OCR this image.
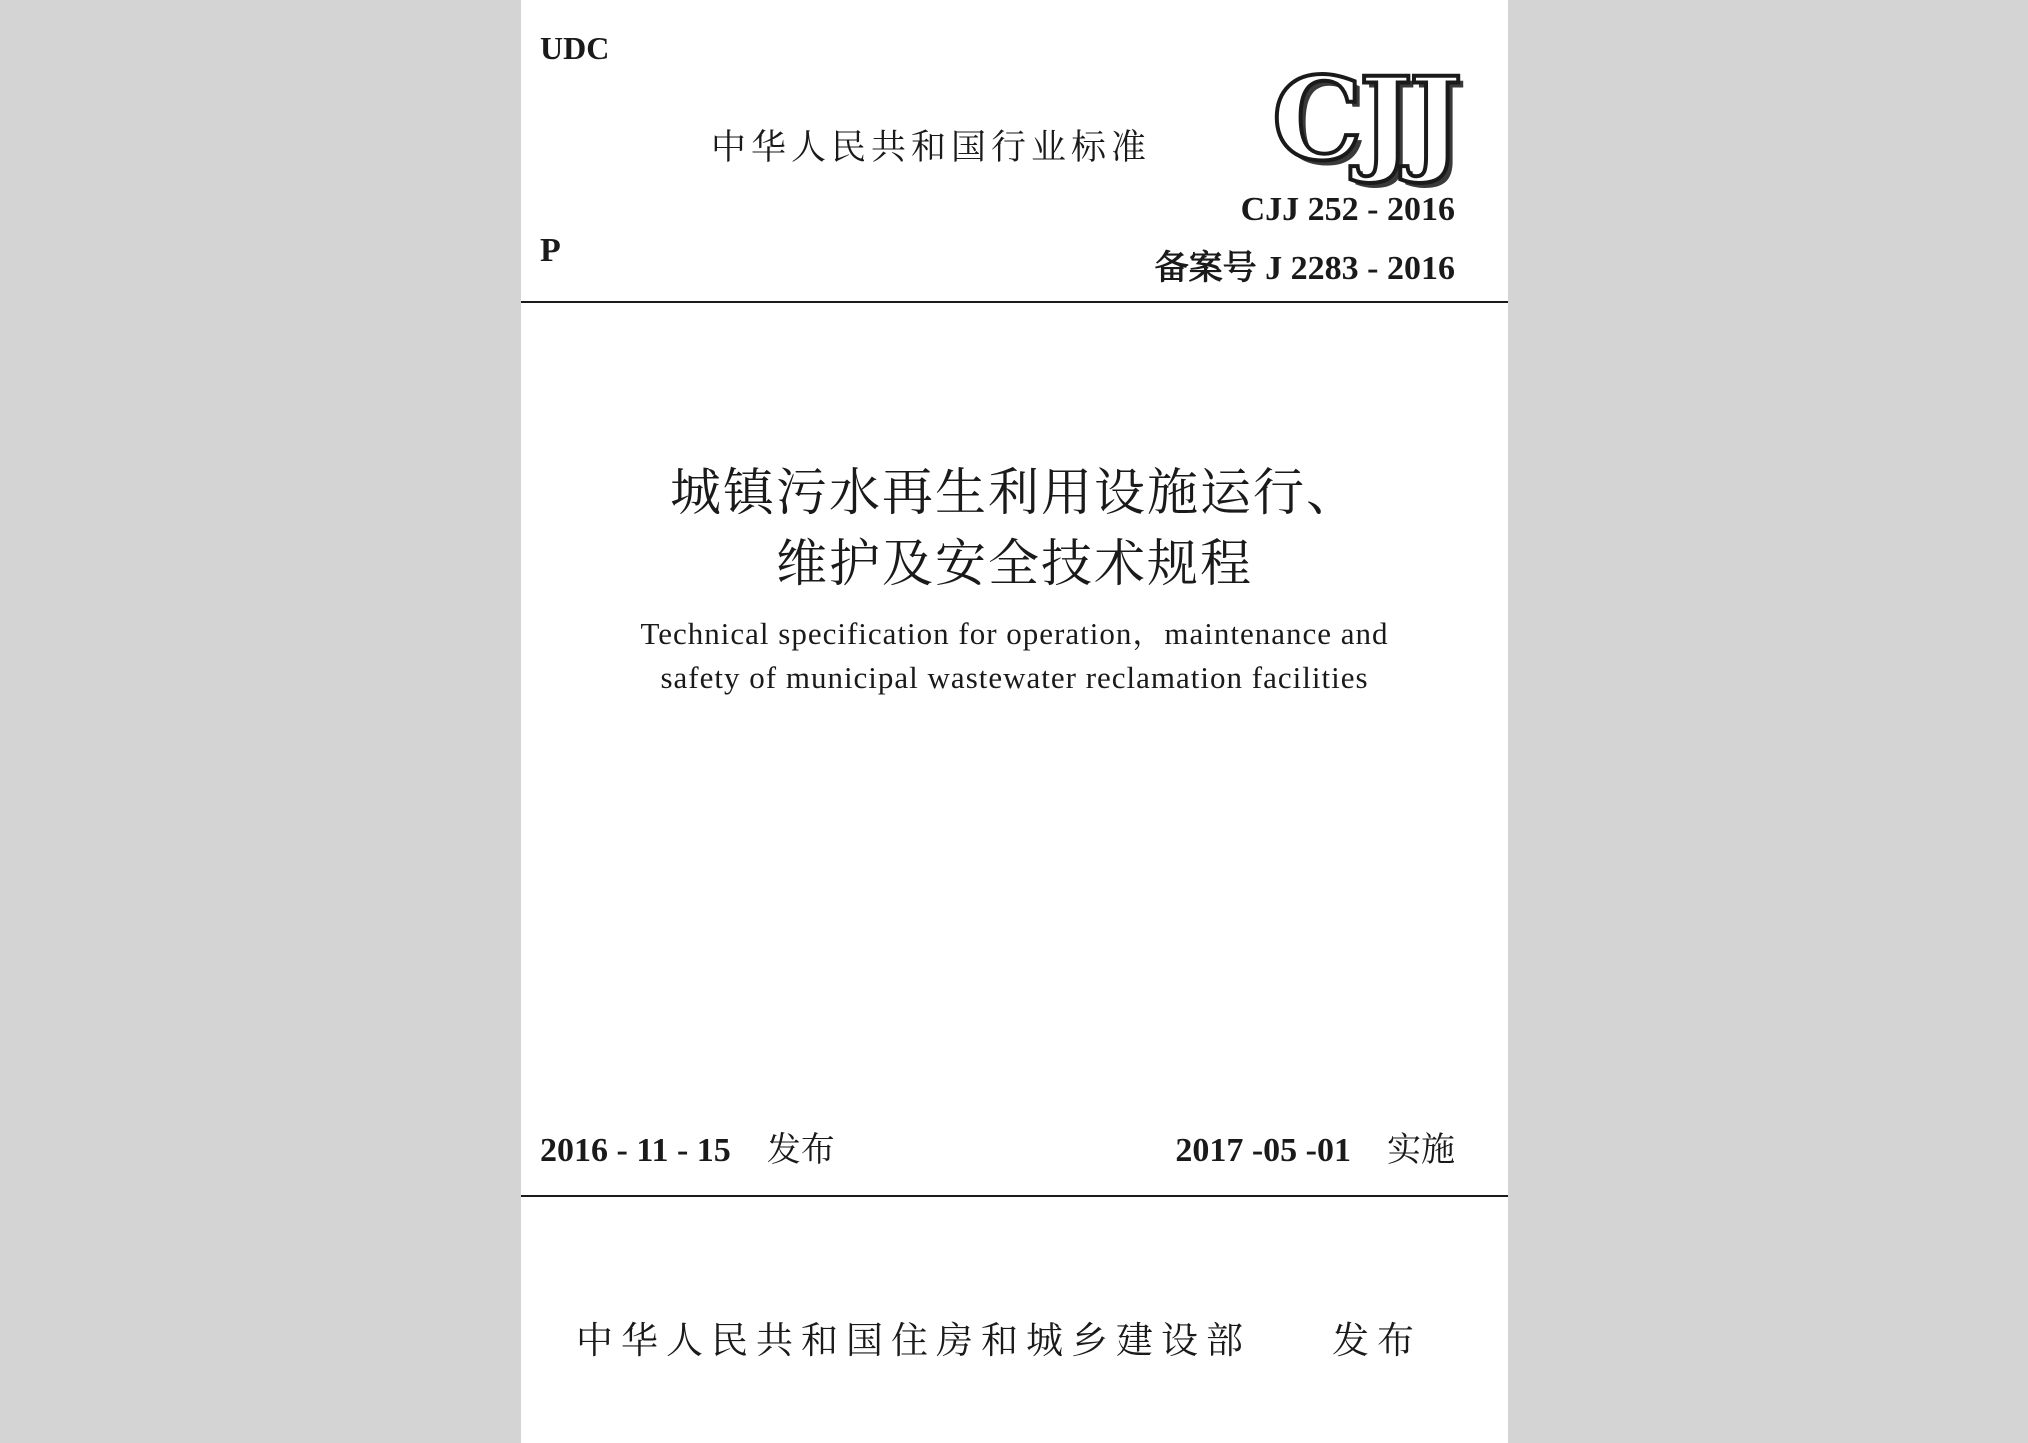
UDC
中华人民共和国行业标准 CJJ
CJJ 252 - 2016
P	备案号 J 2283 - 2016
城镇污水再生利用设施运行、
维护及安全技术规程
Technical specification for operation，maintenance and
safety of municipal wastewater reclamation facilities
2016 - 11 - 15 发布	2017 -05 -01 实施
中华人民共和国住房和城乡建设部 发布
